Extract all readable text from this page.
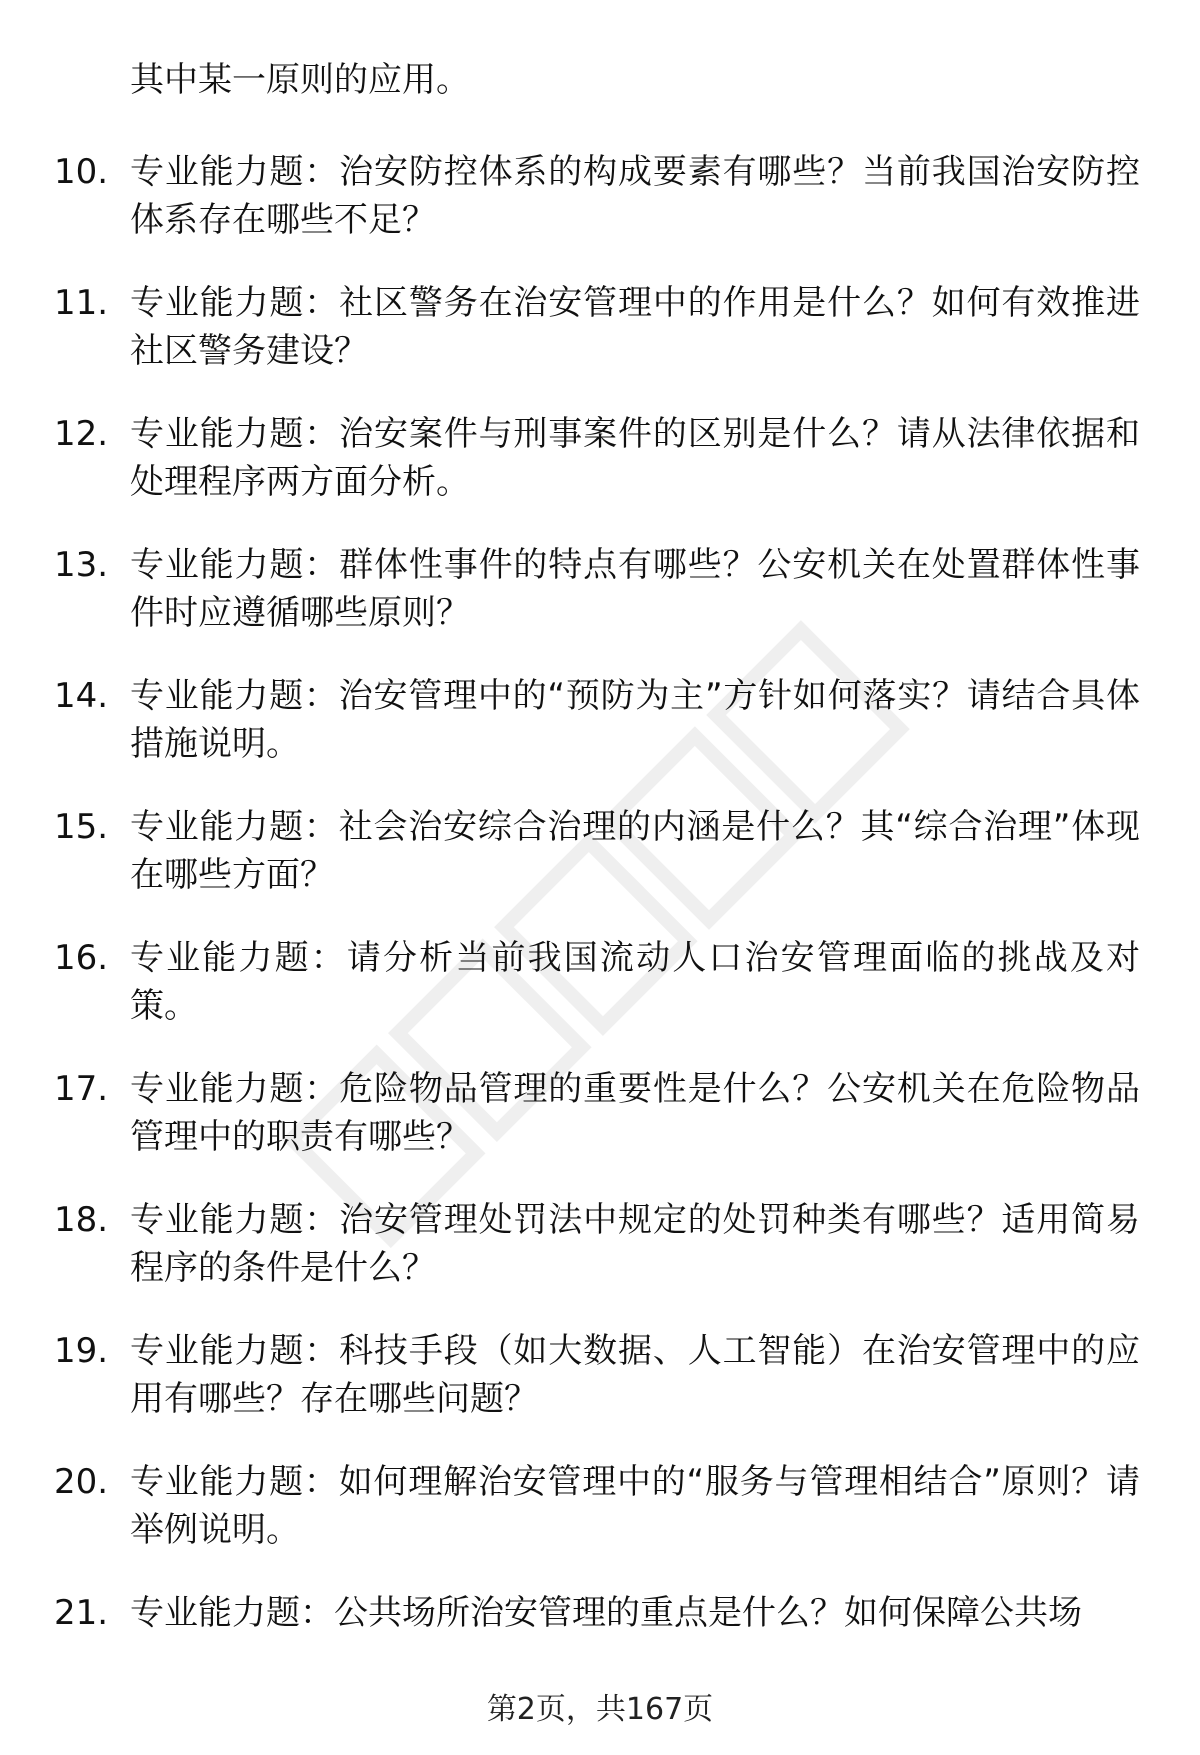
其中某一原则的应用。
10. 专业能力题：治安防控体系的构成要素有哪些？当前我国治安防控体系存在哪些不足？
11. 专业能力题：社区警务在治安管理中的作用是什么？如何有效推进社区警务建设？
12. 专业能力题：治安案件与刑事案件的区别是什么？请从法律依据和处理程序两方面分析。
13. 专业能力题：群体性事件的特点有哪些？公安机关在处置群体性事件时应遵循哪些原则？
14. 专业能力题：治安管理中的“预防为主”方针如何落实？请结合具体措施说明。
15. 专业能力题：社会治安综合治理的内涵是什么？其“综合治理”体现在哪些方面？
16. 专业能力题：请分析当前我国流动人口治安管理面临的挑战及对策。
17. 专业能力题：危险物品管理的重要性是什么？公安机关在危险物品管理中的职责有哪些？
18. 专业能力题：治安管理处罚法中规定的处罚种类有哪些？适用简易程序的条件是什么？
19. 专业能力题：科技手段（如大数据、人工智能）在治安管理中的应用有哪些？存在哪些问题？
20. 专业能力题：如何理解治安管理中的“服务与管理相结合”原则？请举例说明。
21. 专业能力题：公共场所治安管理的重点是什么？如何保障公共场
第2页，共167页
